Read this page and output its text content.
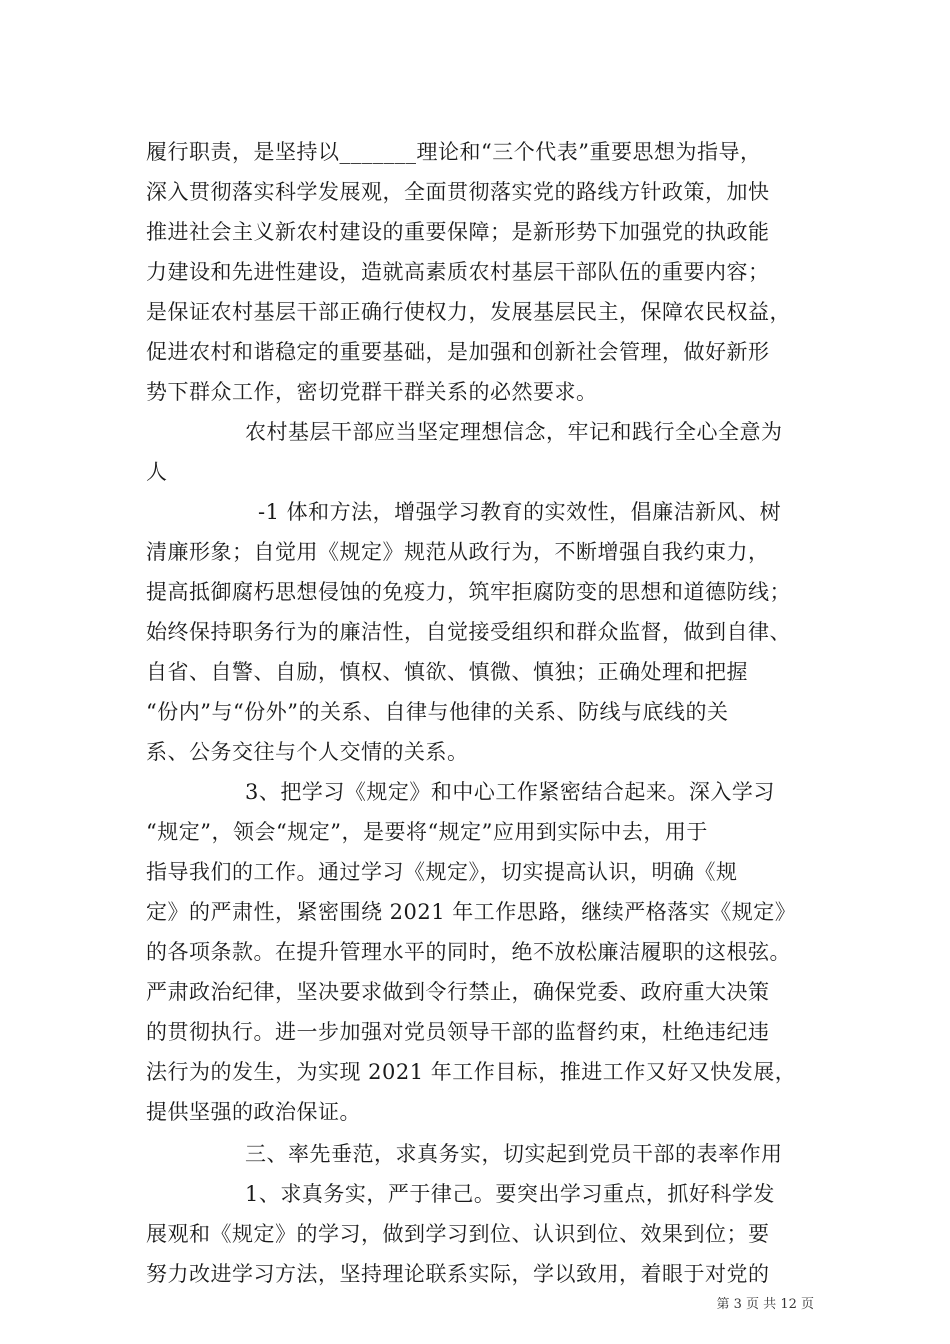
履行职责，是坚持以_______理论和“三个代表”重要思想为指导，
深入贯彻落实科学发展观，全面贯彻落实党的路线方针政策，加快
推进社会主义新农村建设的重要保障；是新形势下加强党的执政能
力建设和先进性建设，造就高素质农村基层干部队伍的重要内容；
是保证农村基层干部正确行使权力，发展基层民主，保障农民权益，
促进农村和谐稳定的重要基础，是加强和创新社会管理，做好新形
势下群众工作，密切党群干群关系的必然要求。
农村基层干部应当坚定理想信念，牢记和践行全心全意为
人
-1 体和方法，增强学习教育的实效性，倡廉洁新风、树
清廉形象；自觉用《规定》规范从政行为，不断增强自我约束力，
提高抵御腐朽思想侵蚀的免疫力，筑牢拒腐防变的思想和道德防线；
始终保持职务行为的廉洁性，自觉接受组织和群众监督，做到自律、
自省、自警、自励，慎权、慎欲、慎微、慎独；正确处理和把握
“份内”与“份外”的关系、自律与他律的关系、防线与底线的关
系、公务交往与个人交情的关系。
3、把学习《规定》和中心工作紧密结合起来。深入学习
“规定”，领会“规定”，是要将“规定”应用到实际中去，用于
指导我们的工作。通过学习《规定》，切实提高认识，明确《规
定》的严肃性，紧密围绕 2021 年工作思路，继续严格落实《规定》
的各项条款。在提升管理水平的同时，绝不放松廉洁履职的这根弦。
严肃政治纪律，坚决要求做到令行禁止，确保党委、政府重大决策
的贯彻执行。进一步加强对党员领导干部的监督约束，杜绝违纪违
法行为的发生，为实现 2021 年工作目标，推进工作又好又快发展，
提供坚强的政治保证。
三、率先垂范，求真务实，切实起到党员干部的表率作用
1、求真务实，严于律己。要突出学习重点，抓好科学发
展观和《规定》的学习，做到学习到位、认识到位、效果到位；要
努力改进学习方法，坚持理论联系实际，学以致用，着眼于对党的
第 3 页 共 12 页
